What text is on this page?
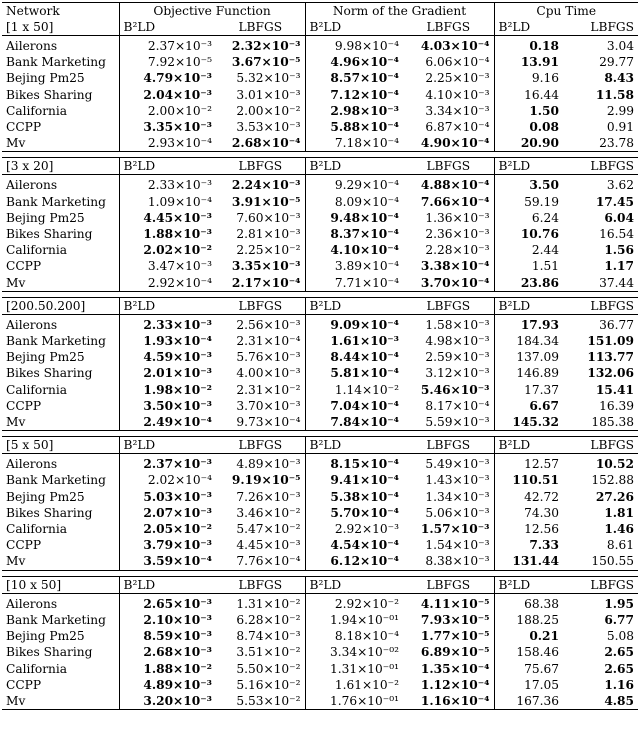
Network	Objective Function		Norm of the Gradient		Cpu Time	
[1 x 50]	B²LD	LBFGS	B²LD	LBFGS	B²LD	LBFGS
Ailerons	2.37×10⁻³	2.32×10⁻³	9.98×10⁻⁴	4.03×10⁻⁴	0.18	3.04
Bank Marketing	7.92×10⁻⁵	3.67×10⁻⁵	4.96×10⁻⁴	6.06×10⁻⁴	13.91	29.77
Bejing Pm25	4.79×10⁻³	5.32×10⁻³	8.57×10⁻⁴	2.25×10⁻³	9.16	8.43
Bikes Sharing	2.04×10⁻³	3.01×10⁻³	7.12×10⁻⁴	4.10×10⁻³	16.44	11.58
California	2.00×10⁻²	2.00×10⁻²	2.98×10⁻³	3.34×10⁻³	1.50	2.99
CCPP	3.35×10⁻³	3.53×10⁻³	5.88×10⁻⁴	6.87×10⁻⁴	0.08	0.91
Mv	2.93×10⁻⁴	2.68×10⁻⁴	7.18×10⁻⁴	4.90×10⁻⁴	20.90	23.78

[3 x 20]	B²LD	LBFGS	B²LD	LBFGS	B²LD	LBFGS
Ailerons	2.33×10⁻³	2.24×10⁻³	9.29×10⁻⁴	4.88×10⁻⁴	3.50	3.62
Bank Marketing	1.09×10⁻⁴	3.91×10⁻⁵	8.09×10⁻⁴	7.66×10⁻⁴	59.19	17.45
Bejing Pm25	4.45×10⁻³	7.60×10⁻³	9.48×10⁻⁴	1.36×10⁻³	6.24	6.04
Bikes Sharing	1.88×10⁻³	2.81×10⁻³	8.37×10⁻⁴	2.36×10⁻³	10.76	16.54
California	2.02×10⁻²	2.25×10⁻²	4.10×10⁻⁴	2.28×10⁻³	2.44	1.56
CCPP	3.47×10⁻³	3.35×10⁻³	3.89×10⁻⁴	3.38×10⁻⁴	1.51	1.17
Mv	2.92×10⁻⁴	2.17×10⁻⁴	7.71×10⁻⁴	3.70×10⁻⁴	23.86	37.44

[200.50.200]	B²LD	LBFGS	B²LD	LBFGS	B²LD	LBFGS
Ailerons	2.33×10⁻³	2.56×10⁻³	9.09×10⁻⁴	1.58×10⁻³	17.93	36.77
Bank Marketing	1.93×10⁻⁴	2.31×10⁻⁴	1.61×10⁻³	4.98×10⁻³	184.34	151.09
Bejing Pm25	4.59×10⁻³	5.76×10⁻³	8.44×10⁻⁴	2.59×10⁻³	137.09	113.77
Bikes Sharing	2.01×10⁻³	4.00×10⁻³	5.81×10⁻⁴	3.12×10⁻³	146.89	132.06
California	1.98×10⁻²	2.31×10⁻²	1.14×10⁻²	5.46×10⁻³	17.37	15.41
CCPP	3.50×10⁻³	3.70×10⁻³	7.04×10⁻⁴	8.17×10⁻⁴	6.67	16.39
Mv	2.49×10⁻⁴	9.73×10⁻⁴	7.84×10⁻⁴	5.59×10⁻³	145.32	185.38

[5 x 50]	B²LD	LBFGS	B²LD	LBFGS	B²LD	LBFGS
Ailerons	2.37×10⁻³	4.89×10⁻³	8.15×10⁻⁴	5.49×10⁻³	12.57	10.52
Bank Marketing	2.02×10⁻⁴	9.19×10⁻⁵	9.41×10⁻⁴	1.43×10⁻³	110.51	152.88
Bejing Pm25	5.03×10⁻³	7.26×10⁻³	5.38×10⁻⁴	1.34×10⁻³	42.72	27.26
Bikes Sharing	2.07×10⁻³	3.46×10⁻²	5.70×10⁻⁴	5.06×10⁻³	74.30	1.81
California	2.05×10⁻²	5.47×10⁻²	2.92×10⁻³	1.57×10⁻³	12.56	1.46
CCPP	3.79×10⁻³	4.45×10⁻³	4.54×10⁻⁴	1.54×10⁻³	7.33	8.61
Mv	3.59×10⁻⁴	7.76×10⁻⁴	6.12×10⁻⁴	8.38×10⁻³	131.44	150.55

[10 x 50]	B²LD	LBFGS	B²LD	LBFGS	B²LD	LBFGS
Ailerons	2.65×10⁻³	1.31×10⁻²	2.92×10⁻²	4.11×10⁻⁵	68.38	1.95
Bank Marketing	2.10×10⁻³	6.28×10⁻²	1.94×10⁻⁰¹	7.93×10⁻⁵	188.25	6.77
Bejing Pm25	8.59×10⁻³	8.74×10⁻³	8.18×10⁻⁴	1.77×10⁻⁵	0.21	5.08
Bikes Sharing	2.68×10⁻³	3.51×10⁻²	3.34×10⁻⁰²	6.89×10⁻⁵	158.46	2.65
California	1.88×10⁻²	5.50×10⁻²	1.31×10⁻⁰¹	1.35×10⁻⁴	75.67	2.65
CCPP	4.89×10⁻³	5.16×10⁻²	1.61×10⁻²	1.12×10⁻⁴	17.05	1.16
Mv	3.20×10⁻³	5.53×10⁻²	1.76×10⁻⁰¹	1.16×10⁻⁴	167.36	4.85
